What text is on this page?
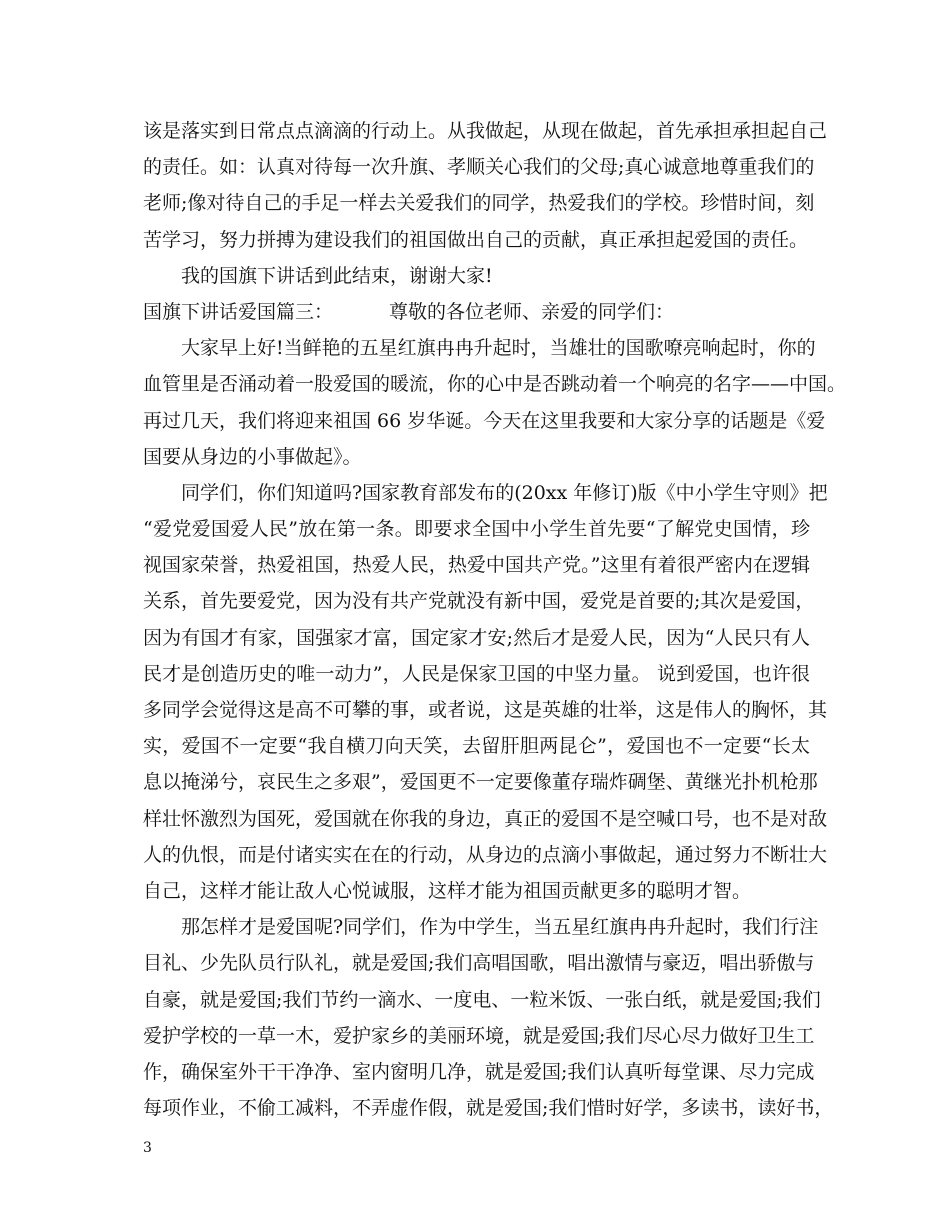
该是落实到日常点点滴滴的行动上。从我做起，从现在做起，首先承担承担起自己
的责任。如：认真对待每一次升旗、孝顺关心我们的父母;真心诚意地尊重我们的
老师;像对待自己的手足一样去关爱我们的同学，热爱我们的学校。珍惜时间，刻
苦学习，努力拼搏为建设我们的祖国做出自己的贡献，真正承担起爱国的责任。
我的国旗下讲话到此结束，谢谢大家!
国旗下讲话爱国篇三：	尊敬的各位老师、亲爱的同学们：
大家早上好!当鲜艳的五星红旗冉冉升起时，当雄壮的国歌嘹亮响起时，你的
血管里是否涌动着一股爱国的暖流，你的心中是否跳动着一个响亮的名字——中国。
再过几天，我们将迎来祖国 66 岁华诞。今天在这里我要和大家分享的话题是《爱
国要从身边的小事做起》。
同学们，你们知道吗?国家教育部发布的(20xx 年修订)版《中小学生守则》把
“爱党爱国爱人民”放在第一条。即要求全国中小学生首先要“了解党史国情，珍
视国家荣誉，热爱祖国，热爱人民，热爱中国共产党。”这里有着很严密内在逻辑
关系，首先要爱党，因为没有共产党就没有新中国，爱党是首要的;其次是爱国，
因为有国才有家，国强家才富，国定家才安;然后才是爱人民，因为“人民只有人
民才是创造历史的唯一动力”，人民是保家卫国的中坚力量。 说到爱国，也许很
多同学会觉得这是高不可攀的事，或者说，这是英雄的壮举，这是伟人的胸怀，其
实，爱国不一定要“我自横刀向天笑，去留肝胆两昆仑”，爱国也不一定要“长太
息以掩涕兮，哀民生之多艰”，爱国更不一定要像董存瑞炸碉堡、黄继光扑机枪那
样壮怀激烈为国死，爱国就在你我的身边，真正的爱国不是空喊口号，也不是对敌
人的仇恨，而是付诸实实在在的行动，从身边的点滴小事做起，通过努力不断壮大
自己，这样才能让敌人心悦诚服，这样才能为祖国贡献更多的聪明才智。
那怎样才是爱国呢?同学们，作为中学生，当五星红旗冉冉升起时，我们行注
目礼、少先队员行队礼，就是爱国;我们高唱国歌，唱出激情与豪迈，唱出骄傲与
自豪，就是爱国;我们节约一滴水、一度电、一粒米饭、一张白纸，就是爱国;我们
爱护学校的一草一木，爱护家乡的美丽环境，就是爱国;我们尽心尽力做好卫生工
作，确保室外干干净净、室内窗明几净，就是爱国;我们认真听每堂课、尽力完成
每项作业，不偷工减料，不弄虚作假，就是爱国;我们惜时好学，多读书，读好书，
3
